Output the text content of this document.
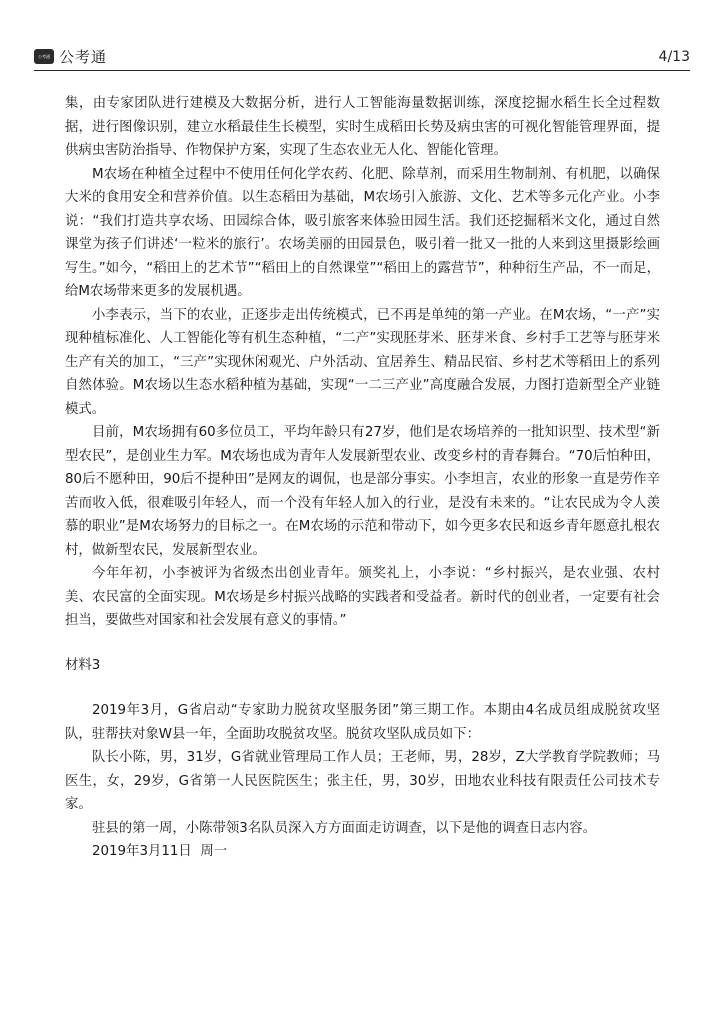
公考通 公考通	4/13

集，由专家团队进行建模及大数据分析，进行人工智能海量数据训练，深度挖掘水稻生长全过程数据，进行图像识别，建立水稻最佳生长模型，实时生成稻田长势及病虫害的可视化智能管理界面，提供病虫害防治指导、作物保护方案，实现了生态农业无人化、智能化管理。

M农场在种植全过程中不使用任何化学农药、化肥、除草剂，而采用生物制剂、有机肥，以确保大米的食用安全和营养价值。以生态稻田为基础，M农场引入旅游、文化、艺术等多元化产业。小李说：“我们打造共享农场、田园综合体，吸引旅客来体验田园生活。我们还挖掘稻米文化，通过自然课堂为孩子们讲述‘一粒米的旅行’。农场美丽的田园景色，吸引着一批又一批的人来到这里摄影绘画写生。”如今，“稻田上的艺术节”“稻田上的自然课堂”“稻田上的露营节”，种种衍生产品，不一而足，给M农场带来更多的发展机遇。

小李表示，当下的农业，正逐步走出传统模式，已不再是单纯的第一产业。在M农场，“一产”实现种植标准化、人工智能化等有机生态种植，“二产”实现胚芽米、胚芽米食、乡村手工艺等与胚芽米生产有关的加工，“三产”实现休闲观光、户外活动、宜居养生、精品民宿、乡村艺术等稻田上的系列自然体验。M农场以生态水稻种植为基础，实现“一二三产业”高度融合发展，力图打造新型全产业链模式。

目前，M农场拥有60多位员工，平均年龄只有27岁，他们是农场培养的一批知识型、技术型“新型农民”，是创业生力军。M农场也成为青年人发展新型农业、改变乡村的青春舞台。“70后怕种田，80后不愿种田，90后不提种田”是网友的调侃，也是部分事实。小李坦言，农业的形象一直是劳作辛苦而收入低，很难吸引年轻人，而一个没有年轻人加入的行业，是没有未来的。“让农民成为令人羡慕的职业”是M农场努力的目标之一。在M农场的示范和带动下，如今更多农民和返乡青年愿意扎根农村，做新型农民，发展新型农业。

今年年初，小李被评为省级杰出创业青年。颁奖礼上，小李说：“乡村振兴，是农业强、农村美、农民富的全面实现。M农场是乡村振兴战略的实践者和受益者。新时代的创业者，一定要有社会担当，要做些对国家和社会发展有意义的事情。”

材料3

2019年3月，G省启动“专家助力脱贫攻坚服务团”第三期工作。本期由4名成员组成脱贫攻坚队，驻帮扶对象W县一年，全面助攻脱贫攻坚。脱贫攻坚队成员如下：

队长小陈，男，31岁，G省就业管理局工作人员；王老师，男，28岁，Z大学教育学院教师；马医生，女，29岁，G省第一人民医院医生；张主任，男，30岁，田地农业科技有限责任公司技术专家。

驻县的第一周，小陈带领3名队员深入方方面面走访调查，以下是他的调查日志内容。

2019年3月11日  周一
